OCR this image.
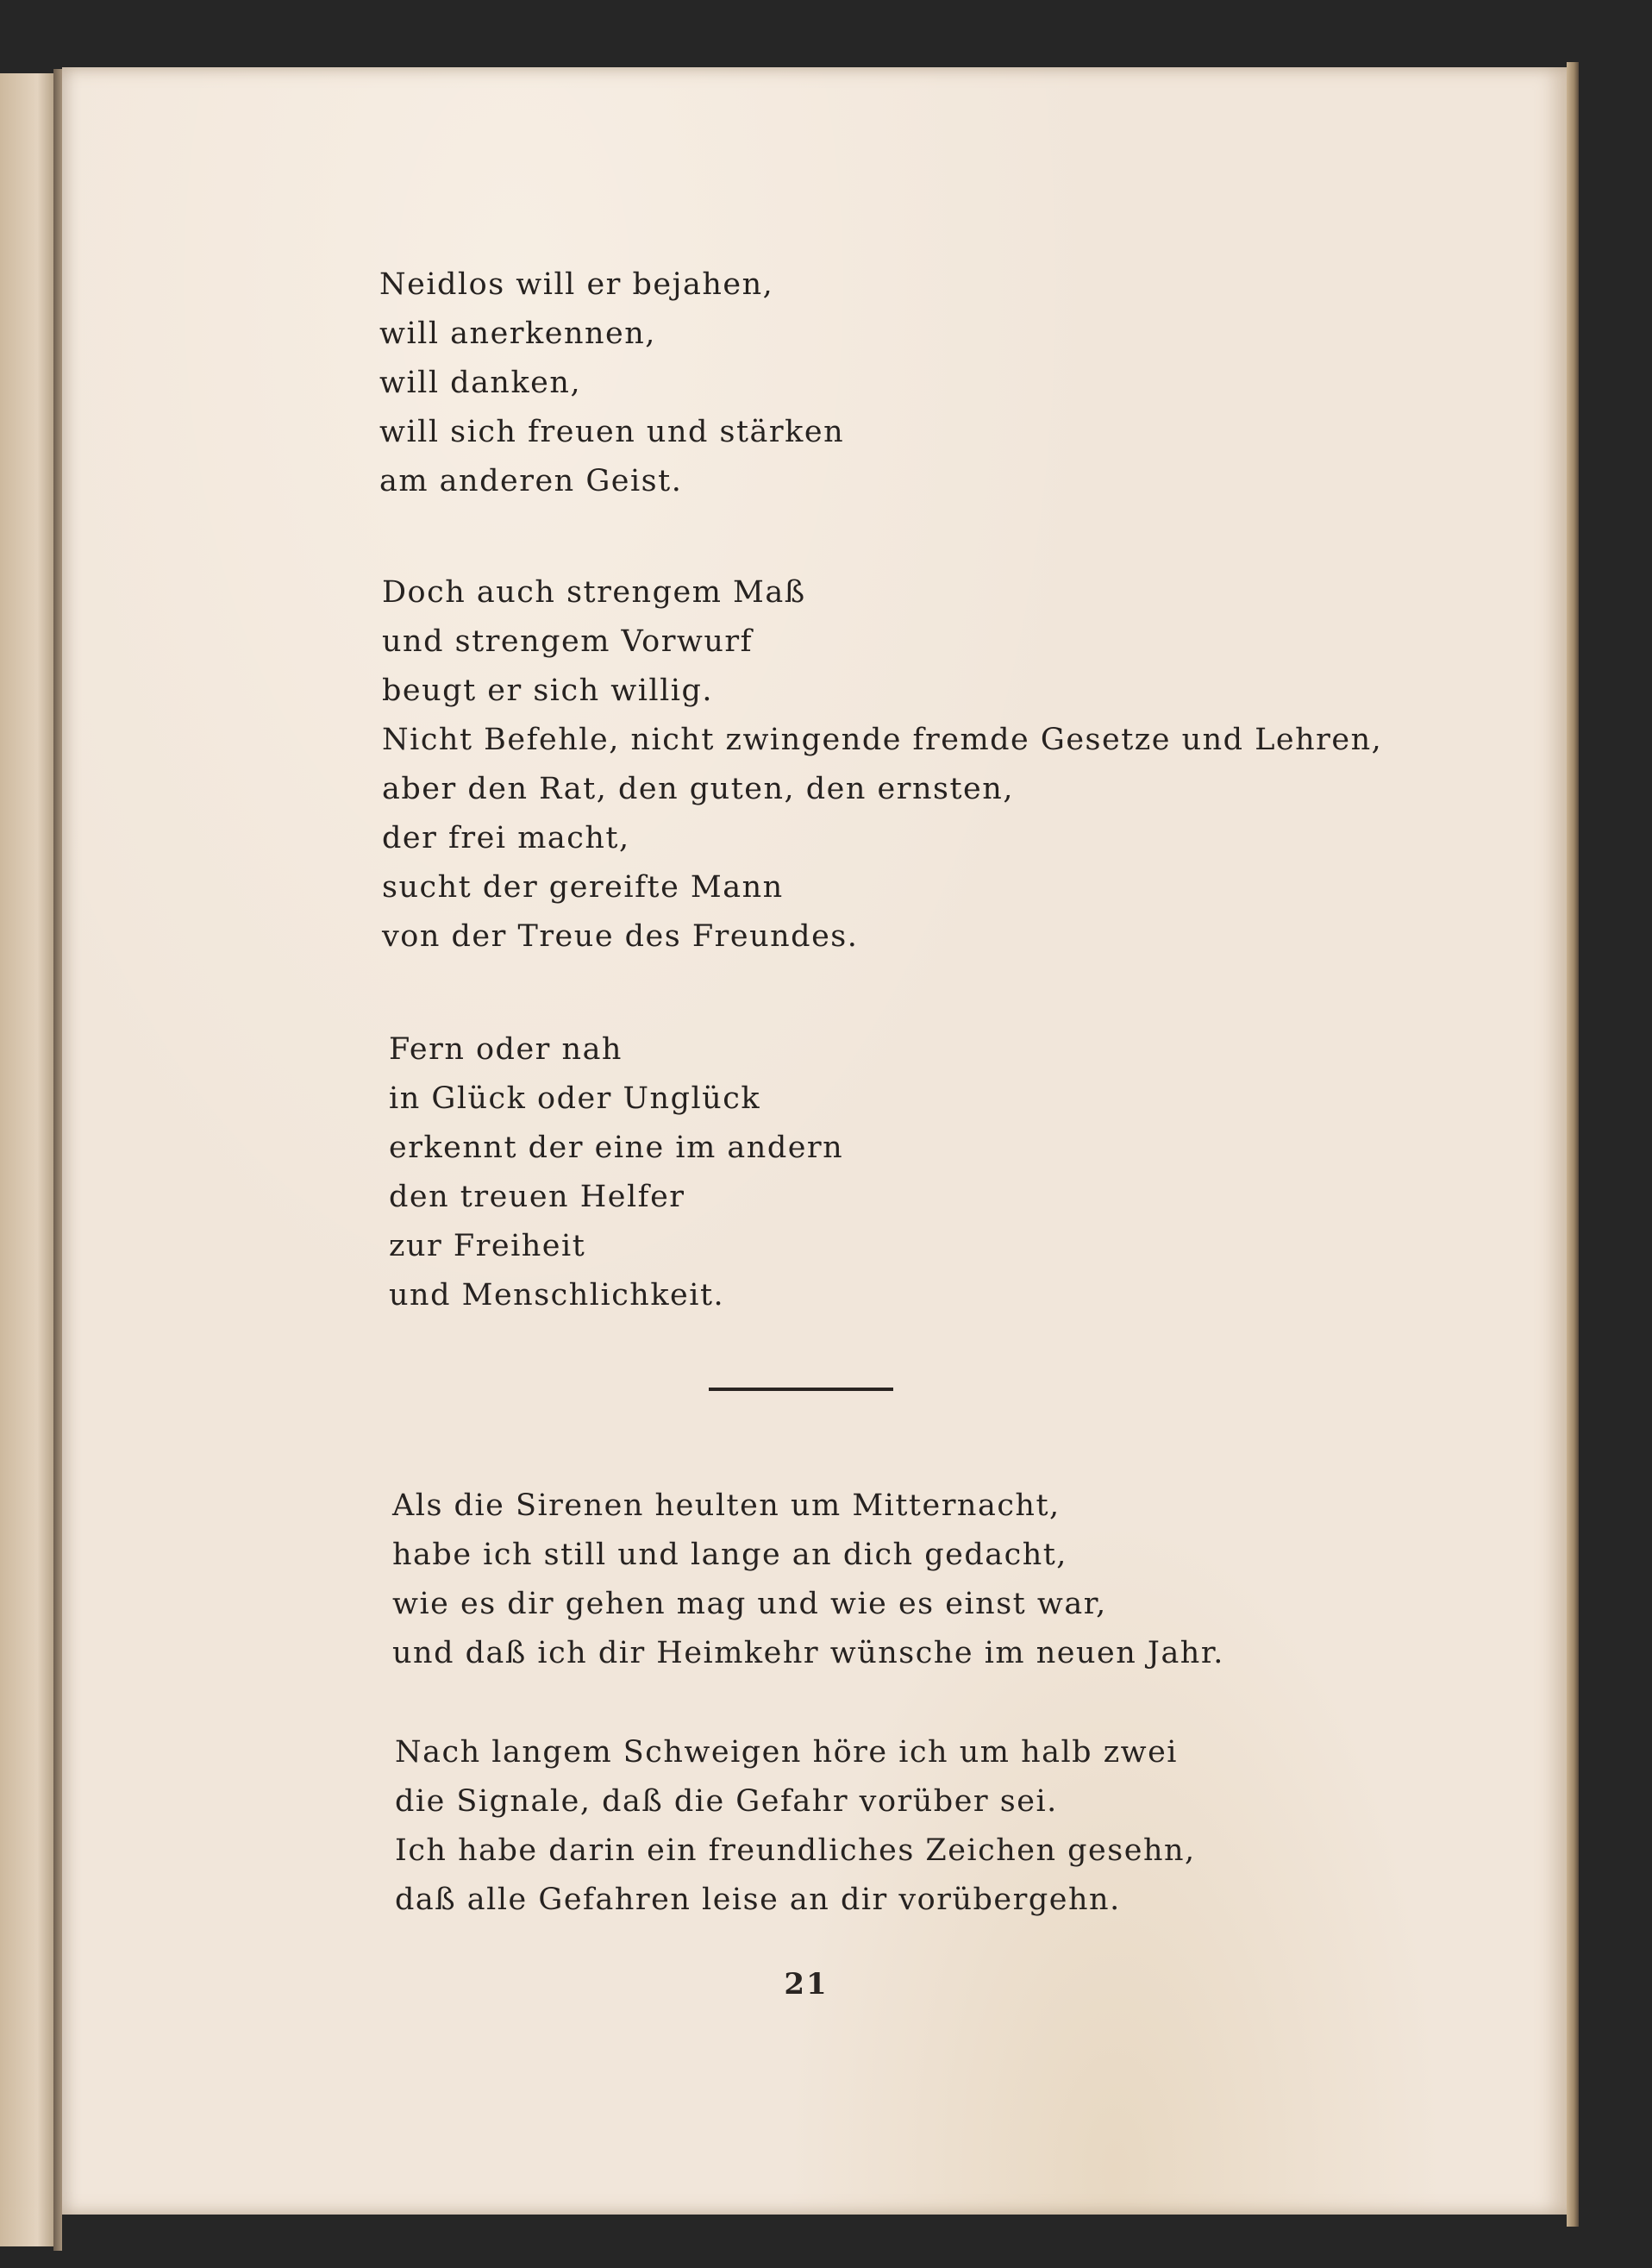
Neidlos will er bejahen,
will anerkennen,
will danken,
will sich freuen und stärken
am anderen Geist.
Doch auch strengem Maß
und strengem Vorwurf
beugt er sich willig.
Nicht Befehle, nicht zwingende fremde Gesetze und Lehren,
aber den Rat, den guten, den ernsten,
der frei macht,
sucht der gereifte Mann
von der Treue des Freundes.
Fern oder nah
in Glück oder Unglück
erkennt der eine im andern
den treuen Helfer
zur Freiheit
und Menschlichkeit.
Als die Sirenen heulten um Mitternacht,
habe ich still und lange an dich gedacht,
wie es dir gehen mag und wie es einst war,
und daß ich dir Heimkehr wünsche im neuen Jahr.
Nach langem Schweigen höre ich um halb zwei
die Signale, daß die Gefahr vorüber sei.
Ich habe darin ein freundliches Zeichen gesehn,
daß alle Gefahren leise an dir vorübergehn.
21
